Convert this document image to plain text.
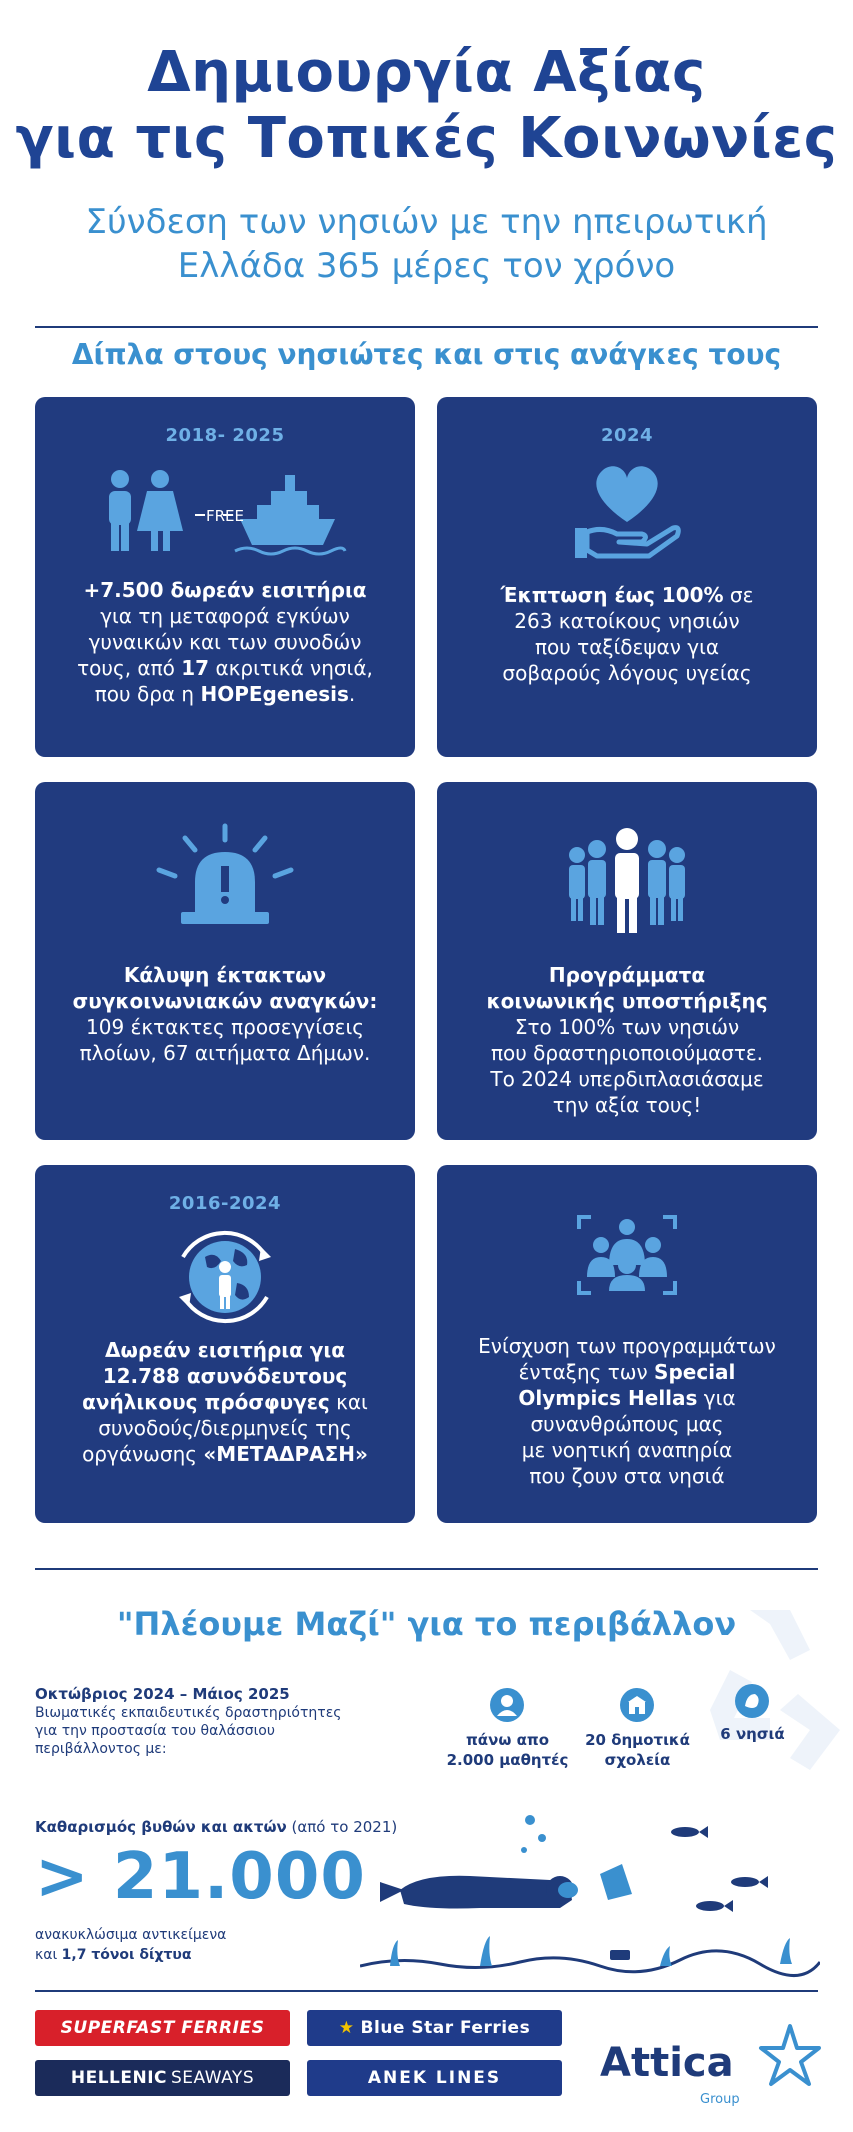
Δημιουργία Αξίας
για τις Τοπικές Κοινωνίες
Σύνδεση των νησιών με την ηπειρωτική
Ελλάδα 365 μέρες τον χρόνο
Δίπλα στους νησιώτες και στις ανάγκες τους
2018- 2025
FREE
+7.500 δωρεάν εισιτήρια
για τη μεταφορά εγκύων
γυναικών και των συνοδών
τους, από 17 ακριτικά νησιά,
που δρα η HOPEgenesis.
2024
Έκπτωση έως 100% σε
263 κατοίκους νησιών
που ταξίδεψαν για
σοβαρούς λόγους υγείας
Κάλυψη έκτακτων
συγκοινωνιακών αναγκών:
109 έκτακτες προσεγγίσεις
πλοίων, 67 αιτήματα Δήμων.
Προγράμματα
κοινωνικής υποστήριξης
Στο 100% των νησιών
που δραστηριοποιούμαστε.
Το 2024 υπερδιπλασιάσαμε
την αξία τους!
2016-2024
Δωρεάν εισιτήρια για
12.788 ασυνόδευτους
ανήλικους πρόσφυγες και
συνοδούς/διερμηνείς της
οργάνωσης «ΜΕΤΑΔΡΑΣΗ»
Ενίσχυση των προγραμμάτων
ένταξης των Special
Olympics Hellas για
συνανθρώπους μας
με νοητική αναπηρία
που ζουν στα νησιά
"Πλέουμε Μαζί" για το περιβάλλον
Οκτώβριος 2024 – Μάιος 2025
Βιωματικές εκπαιδευτικές δραστηριότητες
για την προστασία του θαλάσσιου
περιβάλλοντος με:	πάνω απο
2.000 μαθητές
20 δημοτικά
σχολεία
6 νησιά
Καθαρισμός βυθών και ακτών (από το 2021)
> 21.000
ανακυκλώσιμα αντικείμενα
και 1,7 τόνοι δίχτυα
SUPERFAST FERRIES
HELLENIC SEAWAYS
★ Blue Star Ferries
ANEK LINES	Attica
Group
